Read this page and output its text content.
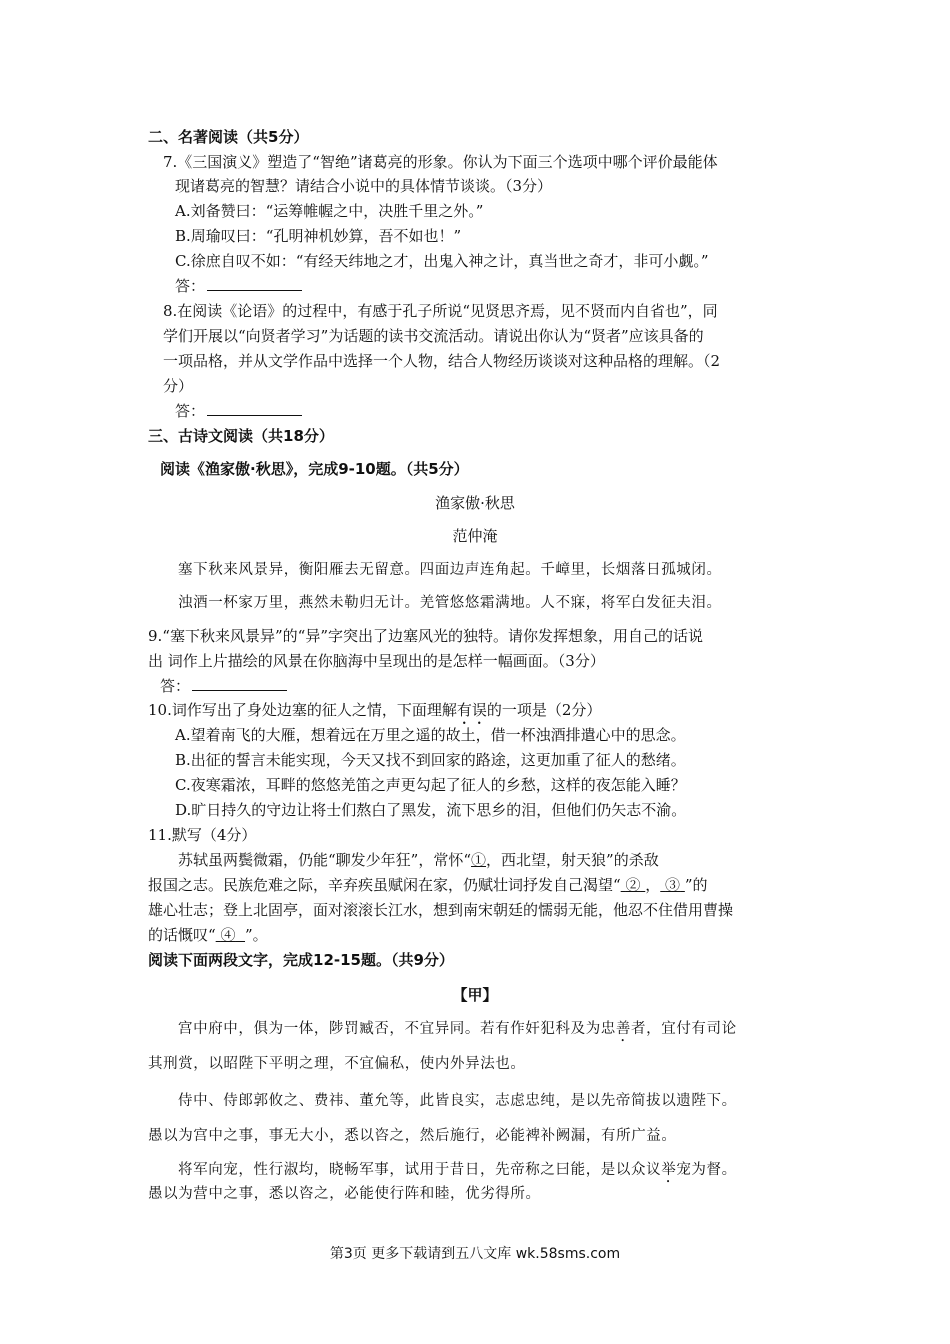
二、名著阅读（共5分）
7.《三国演义》塑造了“智绝”诸葛亮的形象。你认为下面三个选项中哪个评价最能体
现诸葛亮的智慧？请结合小说中的具体情节谈谈。（3分）
A.刘备赞曰：“运筹帷幄之中，决胜千里之外。”
B.周瑜叹曰：“孔明神机妙算，吾不如也！”
C.徐庶自叹不如：“有经天纬地之才，出鬼入神之计，真当世之奇才，非可小觑。”
答：
8.在阅读《论语》的过程中，有感于孔子所说“见贤思齐焉，见不贤而内自省也”，同
学们开展以“向贤者学习”为话题的读书交流活动。请说出你认为“贤者”应该具备的
一项品格，并从文学作品中选择一个人物，结合人物经历谈谈对这种品格的理解。（2
分）
答：
三、古诗文阅读（共18分）
阅读《渔家傲·秋思》，完成9-10题。（共5分）
渔家傲·秋思
范仲淹
塞下秋来风景异，衡阳雁去无留意。四面边声连角起。千嶂里，长烟落日孤城闭。
浊酒一杯家万里，燕然未勒归无计。羌管悠悠霜满地。人不寐，将军白发征夫泪。
9.“塞下秋来风景异”的“异”字突出了边塞风光的独特。请你发挥想象，用自己的话说
出 词作上片描绘的风景在你脑海中呈现出的是怎样一幅画面。（3分）
答：
10.词作写出了身处边塞的征人之情，下面理解有误的一项是（2分）
A.望着南飞的大雁，想着远在万里之遥的故土，借一杯浊酒排遣心中的思念。
B.出征的誓言未能实现，今天又找不到回家的路途，这更加重了征人的愁绪。
C.夜寒霜浓，耳畔的悠悠羌笛之声更勾起了征人的乡愁，这样的夜怎能入睡？
D.旷日持久的守边让将士们熬白了黑发，流下思乡的泪，但他们仍矢志不渝。
11.默写（4分）
苏轼虽两鬓微霜，仍能“聊发少年狂”，常怀“①，西北望，射天狼”的杀敌
报国之志。民族危难之际，辛弃疾虽赋闲在家，仍赋壮词抒发自己渴望“ ② ， ③ ”的
雄心壮志；登上北固亭，面对滚滚长江水，想到南宋朝廷的懦弱无能，他忍不住借用曹操
的话慨叹“ ④ ”。
阅读下面两段文字，完成12-15题。（共9分）
【甲】
宫中府中，俱为一体，陟罚臧否，不宜异同。若有作奸犯科及为忠善者，宜付有司论
其刑赏，以昭陛下平明之理，不宜偏私，使内外异法也。
侍中、侍郎郭攸之、费祎、董允等，此皆良实，志虑忠纯，是以先帝简拔以遗陛下。
愚以为宫中之事，事无大小，悉以咨之，然后施行，必能裨补阙漏，有所广益。
将军向宠，性行淑均，晓畅军事，试用于昔日，先帝称之曰能，是以众议举宠为督。
愚以为营中之事，悉以咨之，必能使行阵和睦，优劣得所。
第3页 更多下载请到五八文库 wk.58sms.com
